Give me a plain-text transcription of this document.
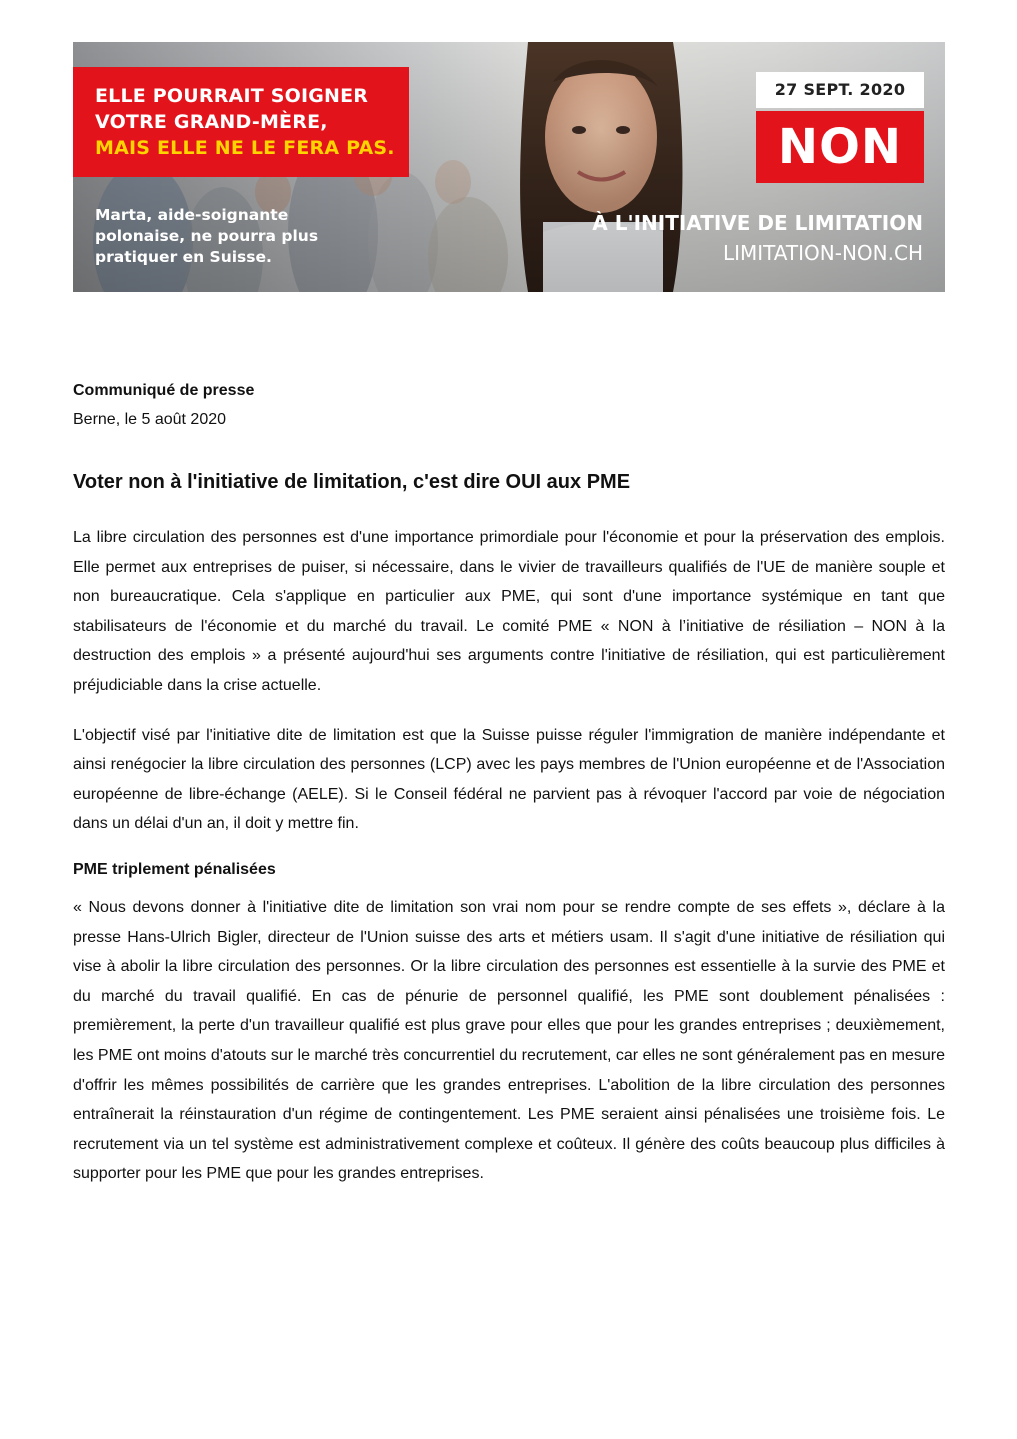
ELLE POURRAIT SOIGNER
VOTRE GRAND-MÈRE,
MAIS ELLE NE LE FERA PAS.
Marta, aide-soignante
polonaise, ne pourra plus
pratiquer en Suisse.
27 SEPT. 2020
NON
À L'INITIATIVE DE LIMITATION
LIMITATION-NON.CH

Communiqué de presse

Berne, le 5 août 2020

Voter non à l'initiative de limitation, c'est dire OUI aux PME

La libre circulation des personnes est d'une importance primordiale pour l'économie et pour la préservation des emplois. Elle permet aux entreprises de puiser, si nécessaire, dans le vivier de travailleurs qualifiés de l'UE de manière souple et non bureaucratique. Cela s'applique en particulier aux PME, qui sont d'une importance systémique en tant que stabilisateurs de l'économie et du marché du travail. Le comité PME « NON à l’initiative de résiliation – NON à la destruction des emplois » a présenté aujourd'hui ses arguments contre l'initiative de résiliation, qui est particulièrement préjudiciable dans la crise actuelle.

L'objectif visé par l'initiative dite de limitation est que la Suisse puisse réguler l'immigration de manière indépendante et ainsi renégocier la libre circulation des personnes (LCP) avec les pays membres de l'Union européenne et de l'Association européenne de libre-échange (AELE). Si le Conseil fédéral ne parvient pas à révoquer l'accord par voie de négociation dans un délai d'un an, il doit y mettre fin.

PME triplement pénalisées

« Nous devons donner à l'initiative dite de limitation son vrai nom pour se rendre compte de ses effets », déclare à la presse Hans-Ulrich Bigler, directeur de l'Union suisse des arts et métiers usam. Il s'agit d'une initiative de résiliation qui vise à abolir la libre circulation des personnes. Or la libre circulation des personnes est essentielle à la survie des PME et du marché du travail qualifié. En cas de pénurie de personnel qualifié, les PME sont doublement pénalisées : premièrement, la perte d'un travailleur qualifié est plus grave pour elles que pour les grandes entreprises ; deuxièmement, les PME ont moins d'atouts sur le marché très concurrentiel du recrutement, car elles ne sont généralement pas en mesure d'offrir les mêmes possibilités de carrière que les grandes entreprises. L'abolition de la libre circulation des personnes entraînerait la réinstauration d'un régime de contingentement. Les PME seraient ainsi pénalisées une troisième fois. Le recrutement via un tel système est administrativement complexe et coûteux. Il génère des coûts beaucoup plus difficiles à supporter pour les PME que pour les grandes entreprises.
